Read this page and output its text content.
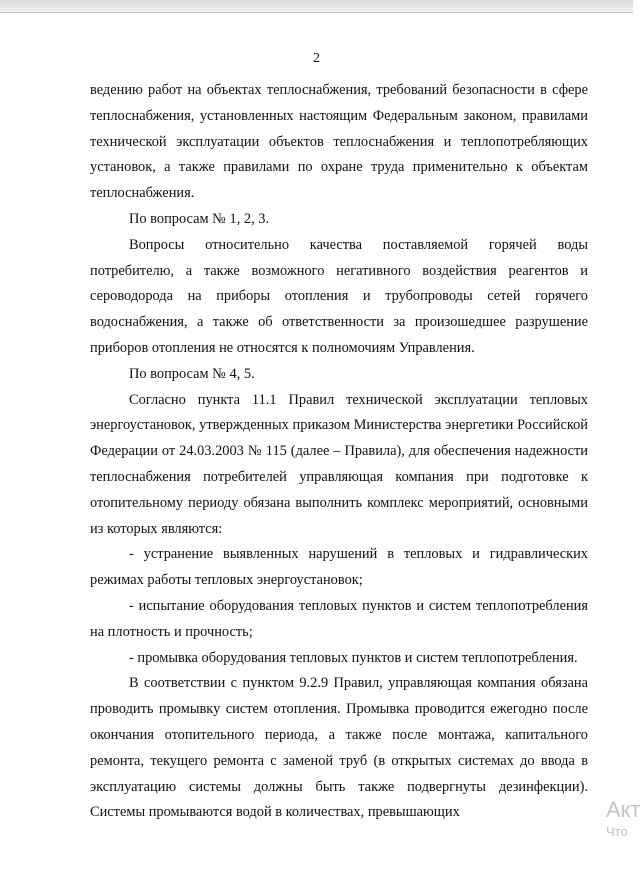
2

ведению работ на объектах теплоснабжения, требований безопасности в сфере теплоснабжения, установленных настоящим Федеральным законом, правилами технической эксплуатации объектов теплоснабжения и теплопотребляющих установок, а также правилами по охране труда применительно к объектам теплоснабжения.

По вопросам № 1, 2, 3.

Вопросы относительно качества поставляемой горячей воды потребителю, а также возможного негативного воздействия реагентов и сероводорода на приборы отопления и трубопроводы сетей горячего водоснабжения, а также об ответственности за произошедшее разрушение приборов отопления не относятся к полномочиям Управления.

По вопросам № 4, 5.

Согласно пункта 11.1 Правил технической эксплуатации тепловых энергоустановок, утвержденных приказом Министерства энергетики Российской Федерации от 24.03.2003 № 115 (далее – Правила), для обеспечения надежности теплоснабжения потребителей управляющая компания при подготовке к отопительному периоду обязана выполнить комплекс мероприятий, основными из которых являются:

- устранение выявленных нарушений в тепловых и гидравлических режимах работы тепловых энергоустановок;

- испытание оборудования тепловых пунктов и систем теплопотребления на плотность и прочность;

- промывка оборудования тепловых пунктов и систем теплопотребления.

В соответствии с пунктом 9.2.9 Правил, управляющая компания обязана проводить промывку систем отопления. Промывка проводится ежегодно после окончания отопительного периода, а также после монтажа, капитального ремонта, текущего ремонта с заменой труб (в открытых системах до ввода в эксплуатацию системы должны быть также подвергнуты дезинфекции). Системы промываются водой в количествах, превышающих	Акт
Что
